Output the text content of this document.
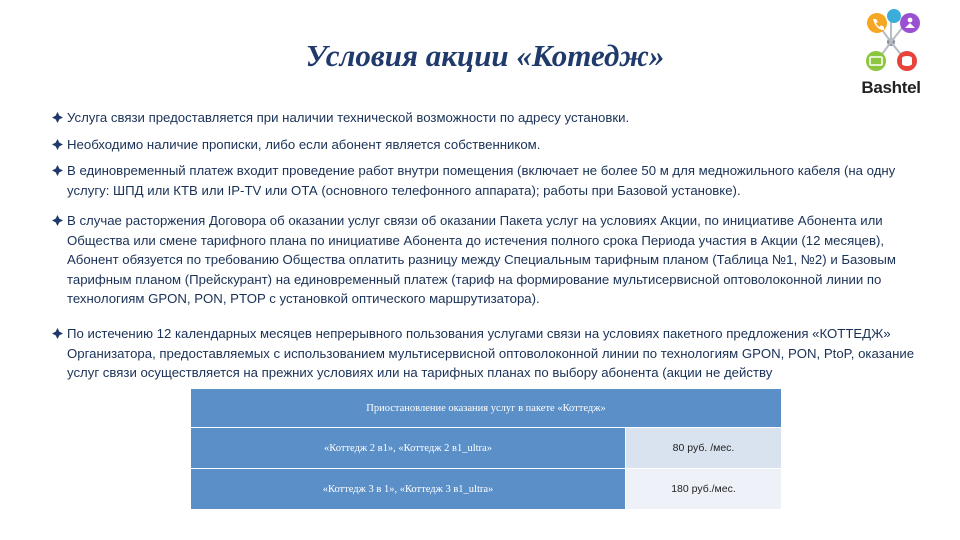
Условия акции «Котедж»
Bashtel
Услуга связи предоставляется при наличии технической возможности по адресу установки.
Необходимо наличие прописки, либо если абонент является собственником.
В единовременный платеж входит проведение работ внутри помещения (включает не более 50 м для медножильного кабеля (на одну услугу: ШПД или КТВ или IP-TV или ОТА (основного телефонного аппарата); работы при Базовой установке).
В случае расторжения Договора об оказании услуг связи об оказании Пакета услуг на условиях Акции, по инициативе Абонента или Общества или смене тарифного плана по инициативе Абонента до истечения полного срока Периода участия в Акции (12 месяцев), Абонент обязуется по требованию Общества оплатить разницу между Специальным тарифным планом (Таблица №1, №2) и Базовым тарифным планом (Прейскурант) на единовременный платеж (тариф на формирование мультисервисной оптоволоконной линии по технологиям GPON, PON, PTOP с установкой оптического маршрутизатора).
По истечению 12 календарных месяцев непрерывного пользования услугами связи на условиях пакетного предложения «КОТТЕДЖ» Организатора, предоставляемых с использованием мультисервисной оптоволоконной линии по технологиям GPON, PON, PtoP, оказание услуг связи осуществляется на прежних условиях или на тарифных планах по выбору абонента (акции не действу
Приостановление оказания услуг в пакете «Коттедж»	
«Коттедж 2 в1», «Коттедж 2 в1_ultra»	80 руб. /мес.
«Коттедж 3 в 1», «Коттедж 3 в1_ultra»	180 руб./мес.
